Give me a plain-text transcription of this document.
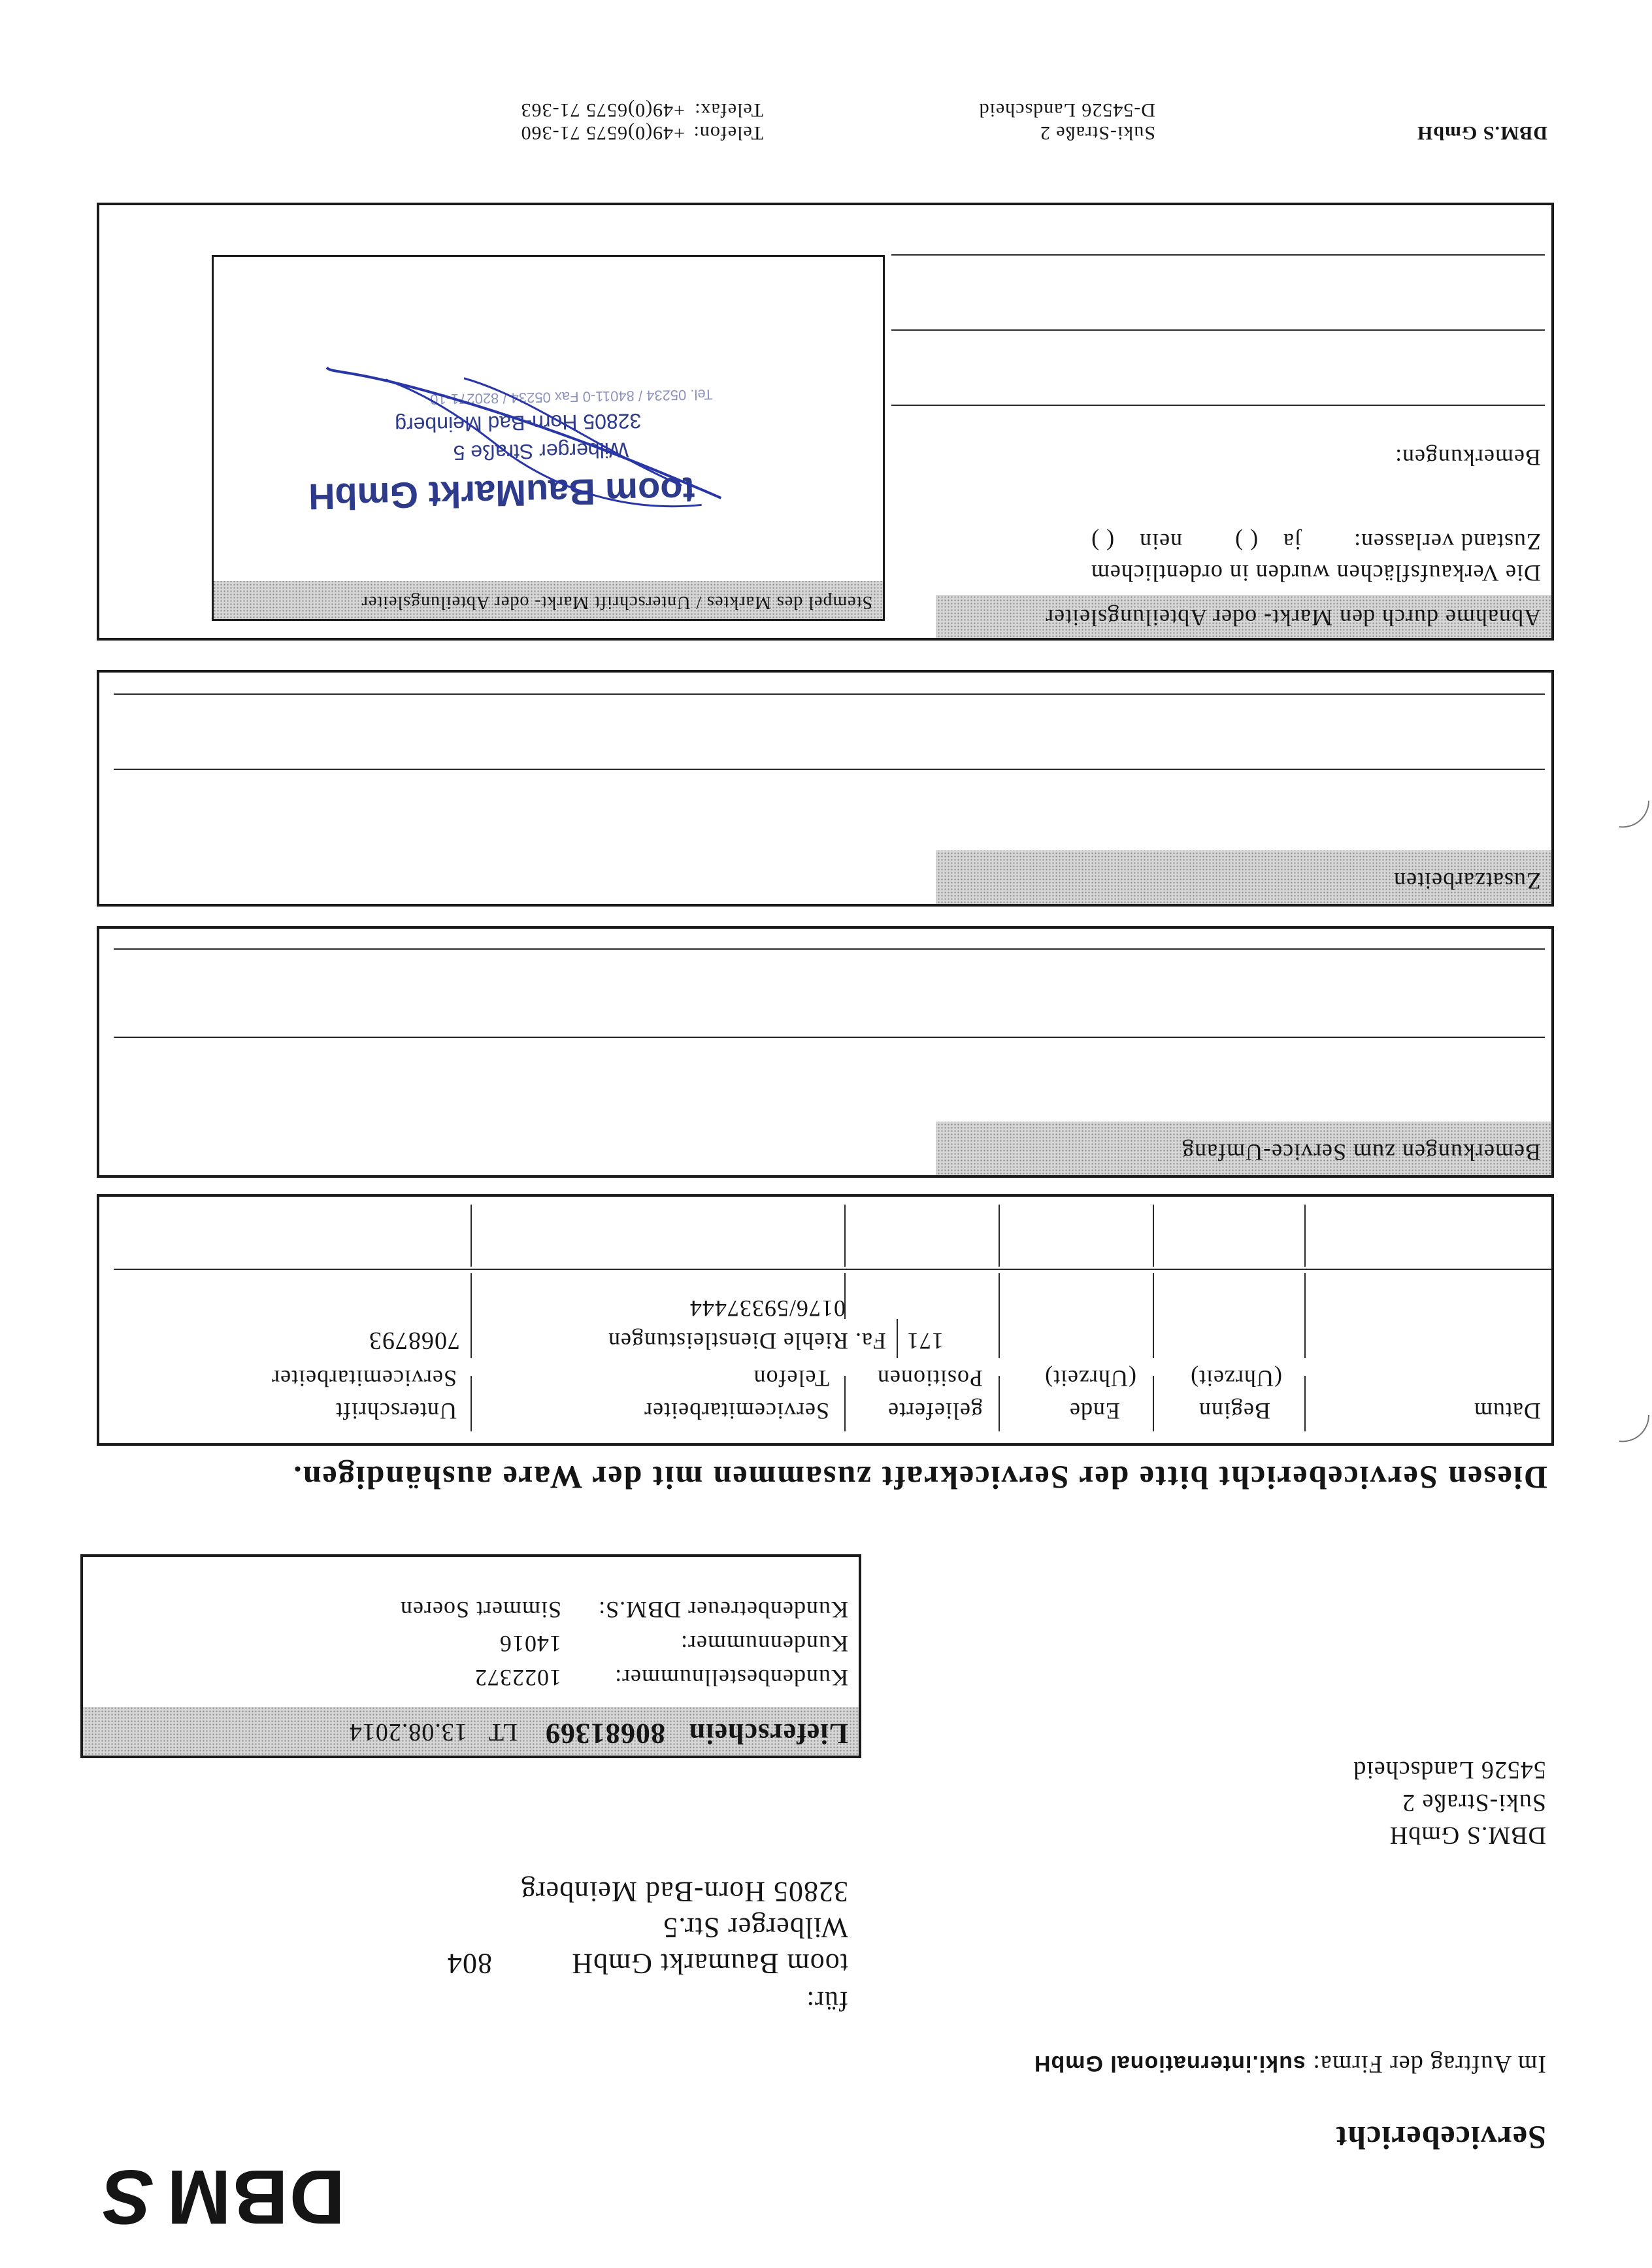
DBMS
Servicebericht
Im Auftrag der Firma: suki.international GmbH
für:
toom Baumarkt GmbH
804
Wilberger Str.5
32805 Horn-Bad Meinberg
DBM.S GmbH
Suki-Straße 2
54526 Landscheid
Lieferschein 80681369 LT 13.08.2014
Kundenbestellnummer:
1022372
Kundennummer:
14016
Kundenbetreuer DBM.S:
Simmert Soeren
Diesen Servicebericht bitte der Servicekraft zusammen mit der Ware aushändigen.
Datum
Beginn
(Uhrzeit)
Ende
(Uhrzeit)
gelieferte
Positionen
Servicemitarbeiter
Telefon
Unterschrift
Servicemitarbeiter
171
Fa. Riehle Dienstleistungen
0176/59337444
7068793
Bemerkungen zum Service-Umfang
Zusatzarbeiten
Abnahme durch den Markt- oder Abteilungsleiter
Die Verkaufsflächen wurden in ordentlichem
Zustand verlassen: ja ( ) nein ( )
Bemerkungen:
Stempel des Marktes / Unterschrift Markt- oder Abteilungsleiter
toom BauMarkt GmbH
Wilberger Straße 5
32805 Horn-Bad Meinberg
Tel. 05234 / 84011-0 Fax 05234 / 820271-10
DBM.S GmbH
Suki-Straße 2
D-54526 Landscheid
Telefon:
+49(0)6575 71-360
Telefax:
+49(0)6575 71-363
